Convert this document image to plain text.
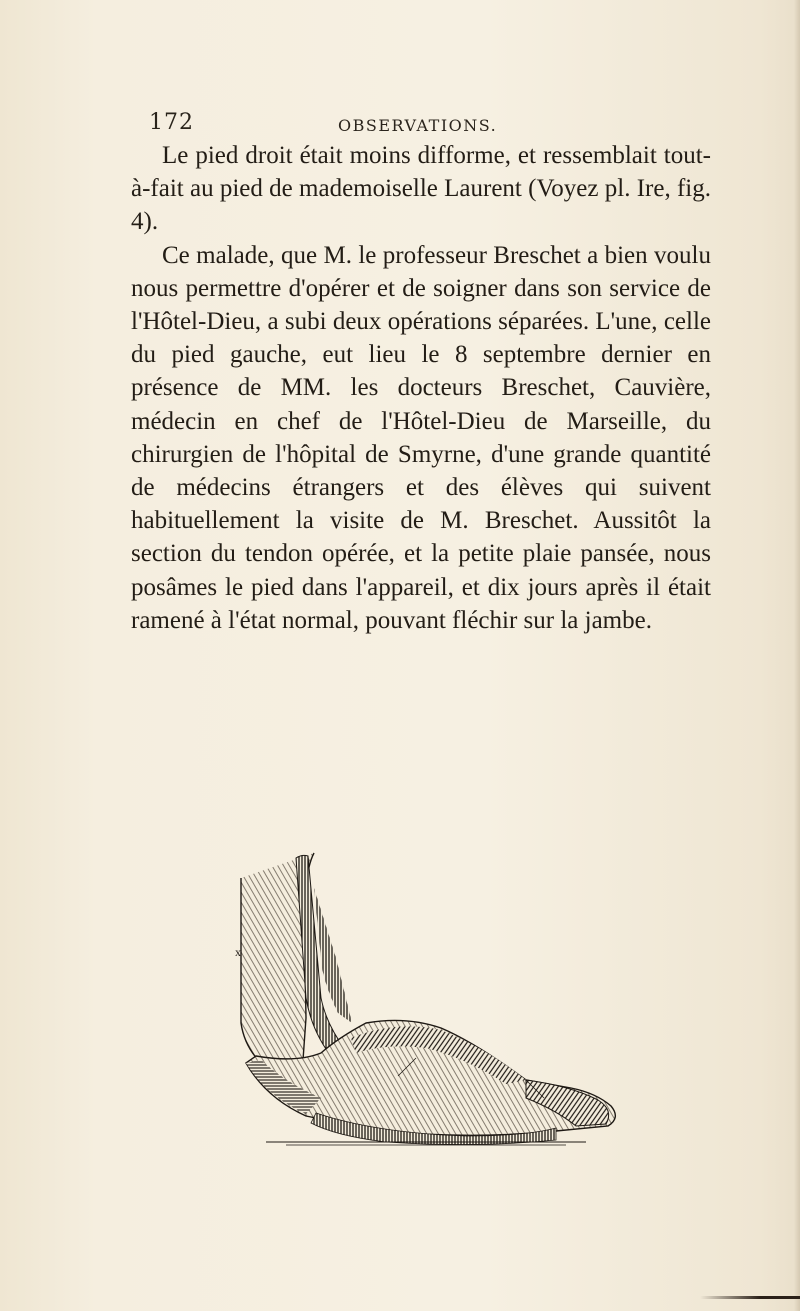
172	OBSERVATIONS.

Le pied droit était moins difforme, et ressemblait tout-à-fait au pied de mademoiselle Laurent (Voyez pl. Ire, fig. 4).

Ce malade, que M. le professeur Breschet a bien voulu nous permettre d'opérer et de soigner dans son service de l'Hôtel-Dieu, a subi deux opérations séparées. L'une, celle du pied gauche, eut lieu le 8 septembre dernier en présence de MM. les docteurs Breschet, Cauvière, médecin en chef de l'Hôtel-Dieu de Marseille, du chirurgien de l'hôpital de Smyrne, d'une grande quantité de médecins étrangers et des élèves qui suivent habituellement la visite de M. Breschet. Aussitôt la section du tendon opérée, et la petite plaie pansée, nous posâmes le pied dans l'appareil, et dix jours après il était ramené à l'état normal, pouvant fléchir sur la jambe.

x
